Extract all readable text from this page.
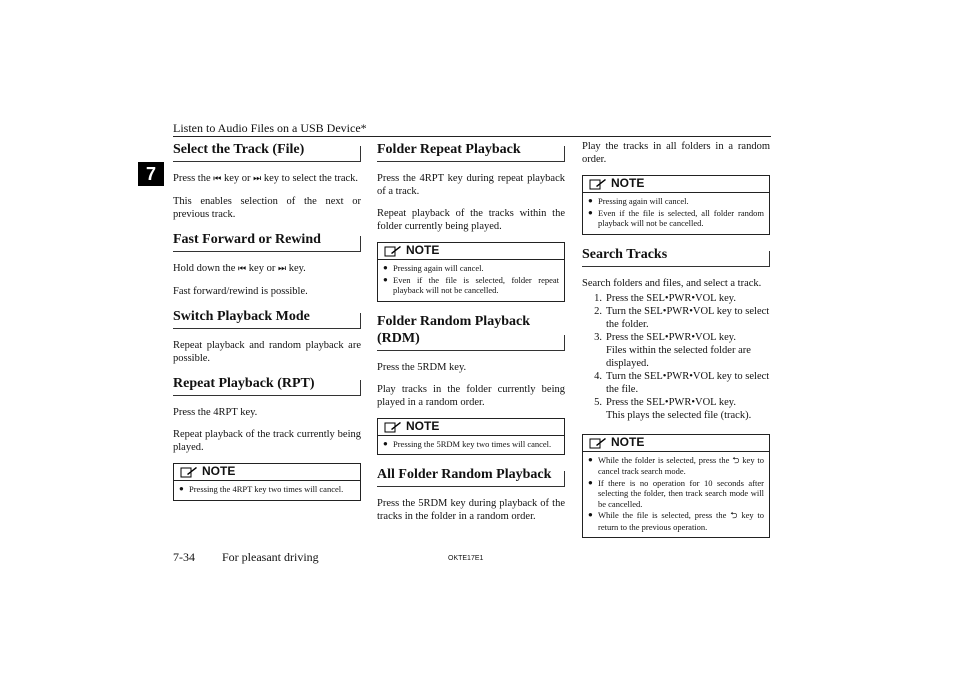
Listen to Audio Files on a USB Device*
7
Select the Track (File)

Press the ⏮ key or ⏭ key to select the track.

This enables selection of the next or previous track.

Fast Forward or Rewind

Hold down the ⏮ key or ⏭ key.

Fast forward/rewind is possible.

Switch Playback Mode

Repeat playback and random playback are possible.

Repeat Playback (RPT)

Press the 4RPT key.

Repeat playback of the track currently being played.

NOTE
● Pressing the 4RPT key two times will cancel.
Folder Repeat Playback

Press the 4RPT key during repeat playback of a track.

Repeat playback of the tracks within the folder currently being played.

NOTE
● Pressing again will cancel.
● Even if the file is selected, folder repeat playback will not be cancelled.
Folder Random Playback (RDM)

Press the 5RDM key.

Play tracks in the folder currently being played in a random order.

NOTE
● Pressing the 5RDM key two times will cancel.
All Folder Random Playback

Press the 5RDM key during playback of the tracks in the folder in a random order.

Play the tracks in all folders in a random order.

NOTE
● Pressing again will cancel.
● Even if the file is selected, all folder random playback will not be cancelled.
Search Tracks

Search folders and files, and select a track.

1. Press the SEL•PWR•VOL key.
2. Turn the SEL•PWR•VOL key to select the folder.
3. Press the SEL•PWR•VOL key.
Files within the selected folder are displayed.
4. Turn the SEL•PWR•VOL key to select the file.
5. Press the SEL•PWR•VOL key.
This plays the selected file (track).
NOTE
● While the folder is selected, press the ⮌ key to cancel track search mode.
● If there is no operation for 10 seconds after selecting the folder, then track search mode will be cancelled.
● While the file is selected, press the ⮌ key to return to the previous operation.
7-34 For pleasant driving	OKTE17E1
